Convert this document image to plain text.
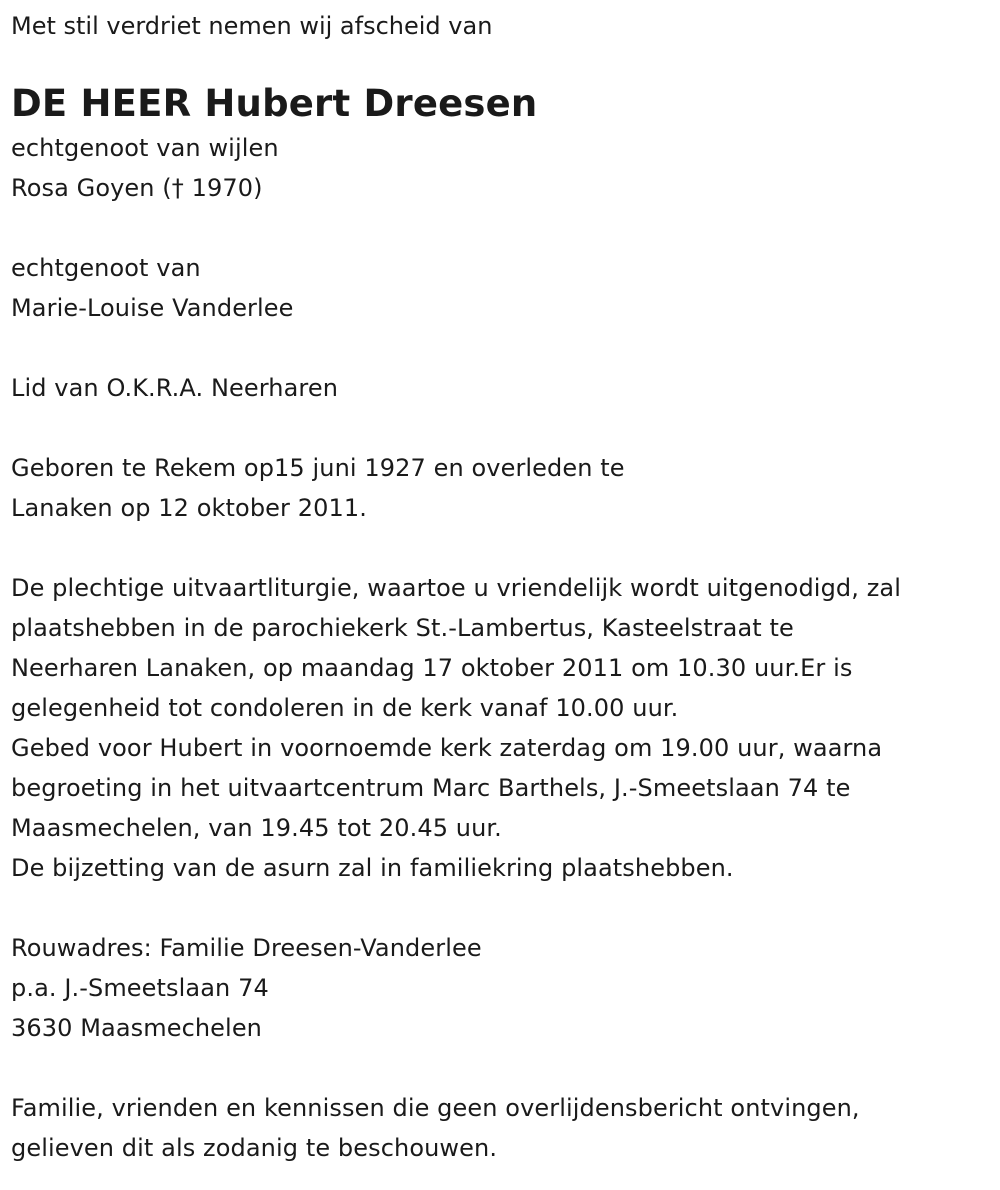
Met stil verdriet nemen wij afscheid van
DE HEER Hubert Dreesen
echtgenoot van wijlen
Rosa Goyen († 1970)
echtgenoot van
Marie-Louise Vanderlee
Lid van O.K.R.A. Neerharen
Geboren te Rekem op15 juni 1927 en overleden te
Lanaken op 12 oktober 2011.
De plechtige uitvaartliturgie, waartoe u vriendelijk wordt uitgenodigd, zal
plaatshebben in de parochiekerk St.-Lambertus, Kasteelstraat te
Neerharen Lanaken, op maandag 17 oktober 2011 om 10.30 uur.Er is
gelegenheid tot condoleren in de kerk vanaf 10.00 uur.
Gebed voor Hubert in voornoemde kerk zaterdag om 19.00 uur, waarna
begroeting in het uitvaartcentrum Marc Barthels, J.-Smeetslaan 74 te
Maasmechelen, van 19.45 tot 20.45 uur.
De bijzetting van de asurn zal in familiekring plaatshebben.
Rouwadres: Familie Dreesen-Vanderlee
p.a. J.-Smeetslaan 74
3630 Maasmechelen
Familie, vrienden en kennissen die geen overlijdensbericht ontvingen,
gelieven dit als zodanig te beschouwen.
